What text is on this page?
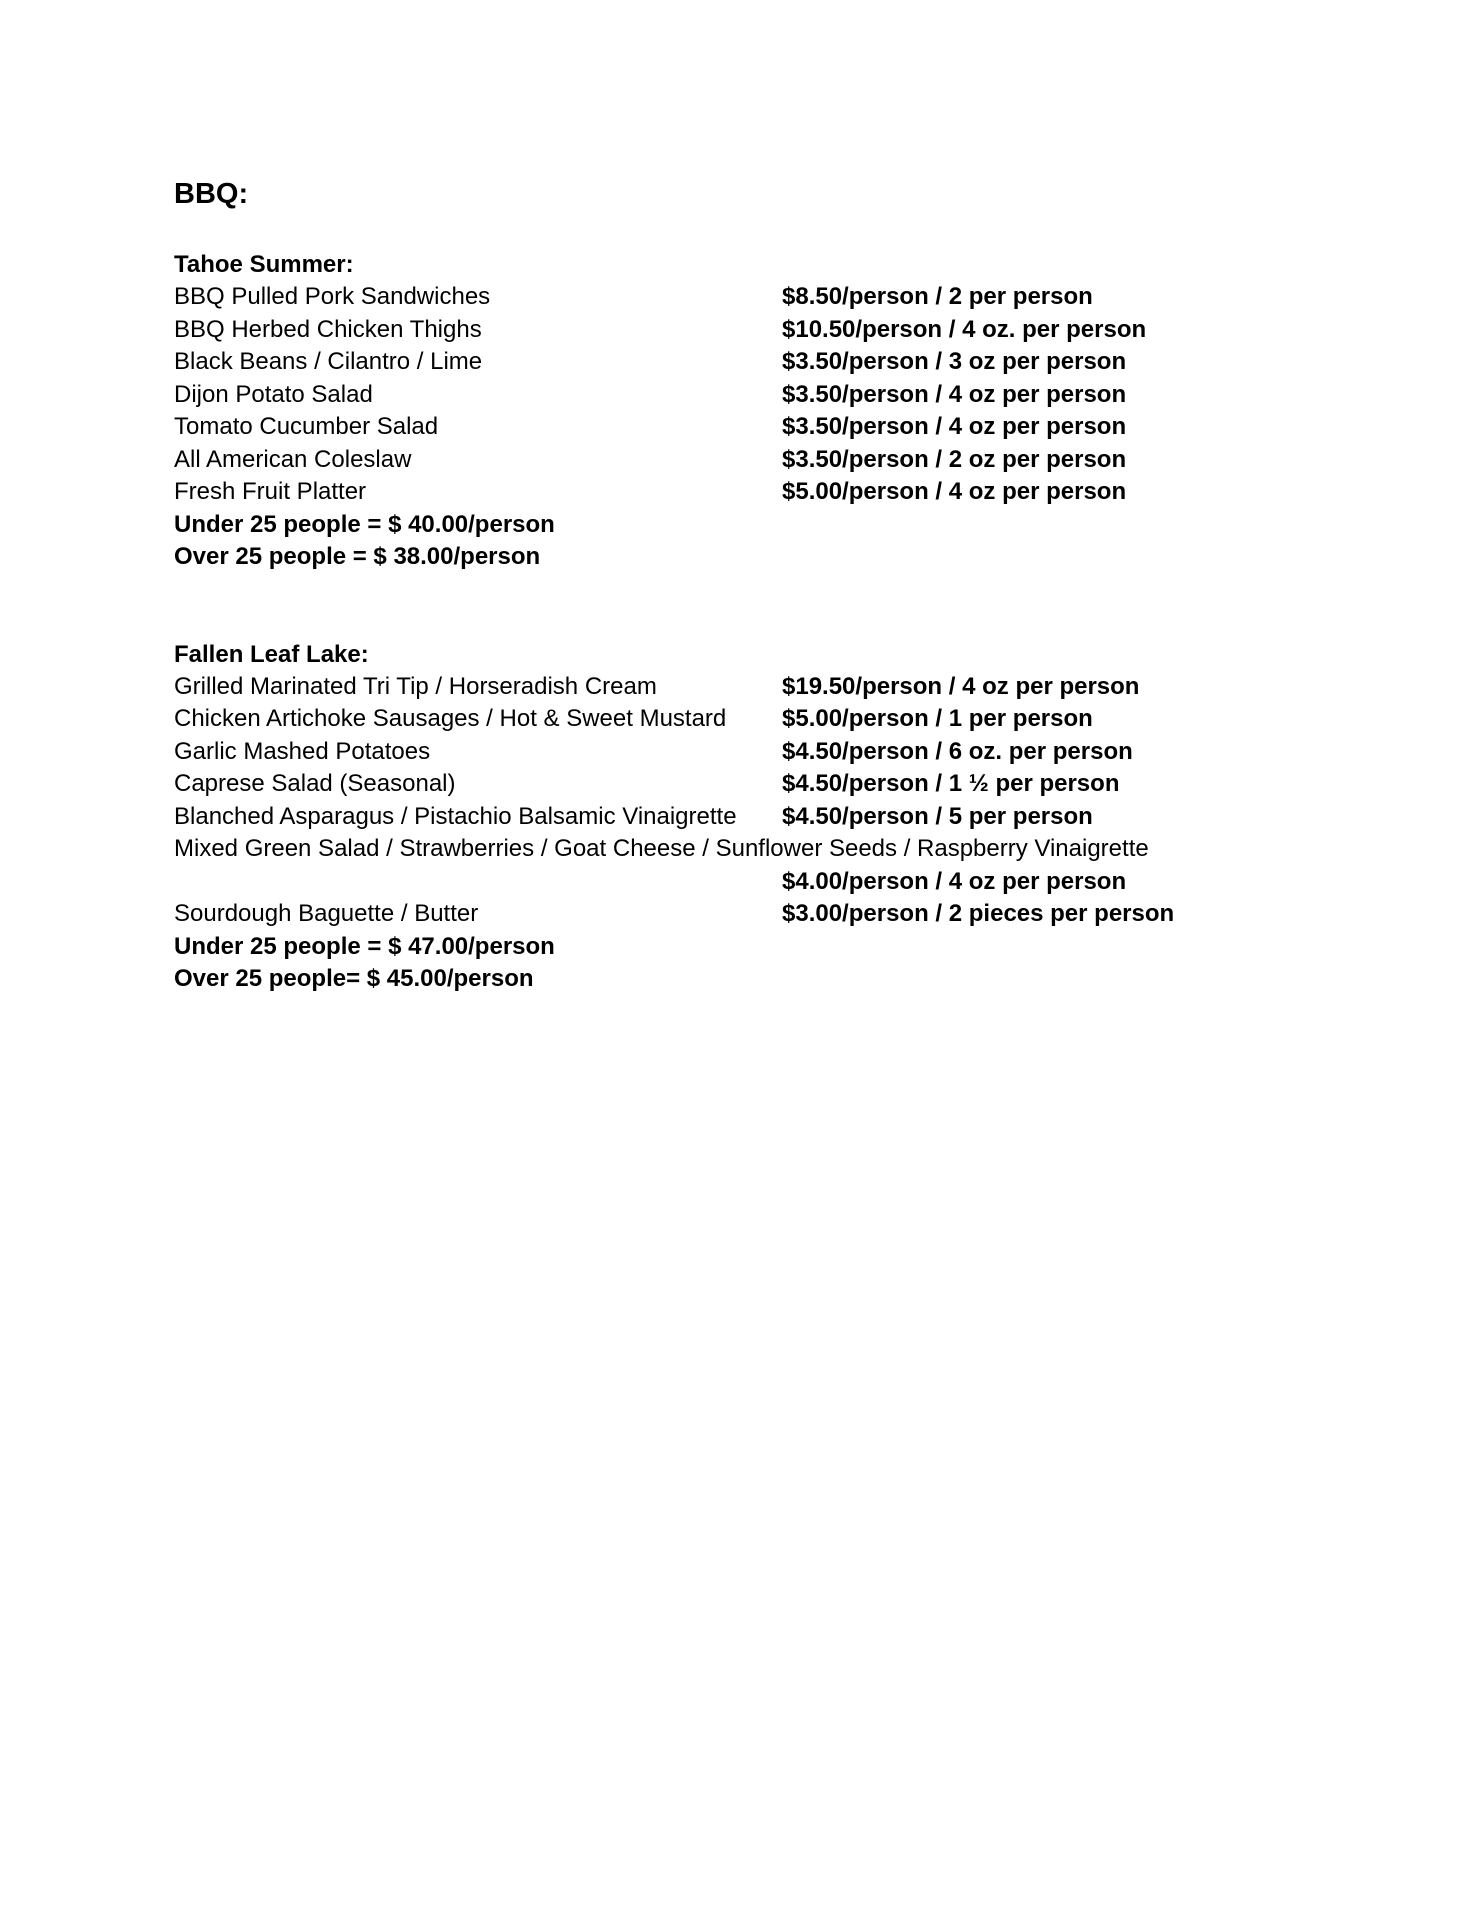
BBQ:
Tahoe Summer:
BBQ Pulled Pork Sandwiches	$8.50/person / 2 per person
BBQ Herbed Chicken Thighs	$10.50/person / 4 oz. per person
Black Beans / Cilantro / Lime	$3.50/person / 3 oz per person
Dijon Potato Salad	$3.50/person / 4 oz per person
Tomato Cucumber Salad	$3.50/person / 4 oz per person
All American Coleslaw	$3.50/person / 2 oz per person
Fresh Fruit Platter	$5.00/person / 4 oz per person
Under 25 people = $ 40.00/person
Over 25 people = $ 38.00/person
Fallen Leaf Lake:
Grilled Marinated Tri Tip / Horseradish Cream	$19.50/person / 4 oz per person
Chicken Artichoke Sausages / Hot & Sweet Mustard	$5.00/person / 1 per person
Garlic Mashed Potatoes	$4.50/person / 6 oz. per person
Caprese Salad (Seasonal)	$4.50/person / 1 ½ per person
Blanched Asparagus / Pistachio Balsamic Vinaigrette	$4.50/person / 5 per person
Mixed Green Salad / Strawberries / Goat Cheese / Sunflower Seeds / Raspberry Vinaigrette
$4.00/person / 4 oz per person
Sourdough Baguette / Butter	$3.00/person / 2 pieces per person
Under 25 people = $ 47.00/person
Over 25 people= $ 45.00/person
